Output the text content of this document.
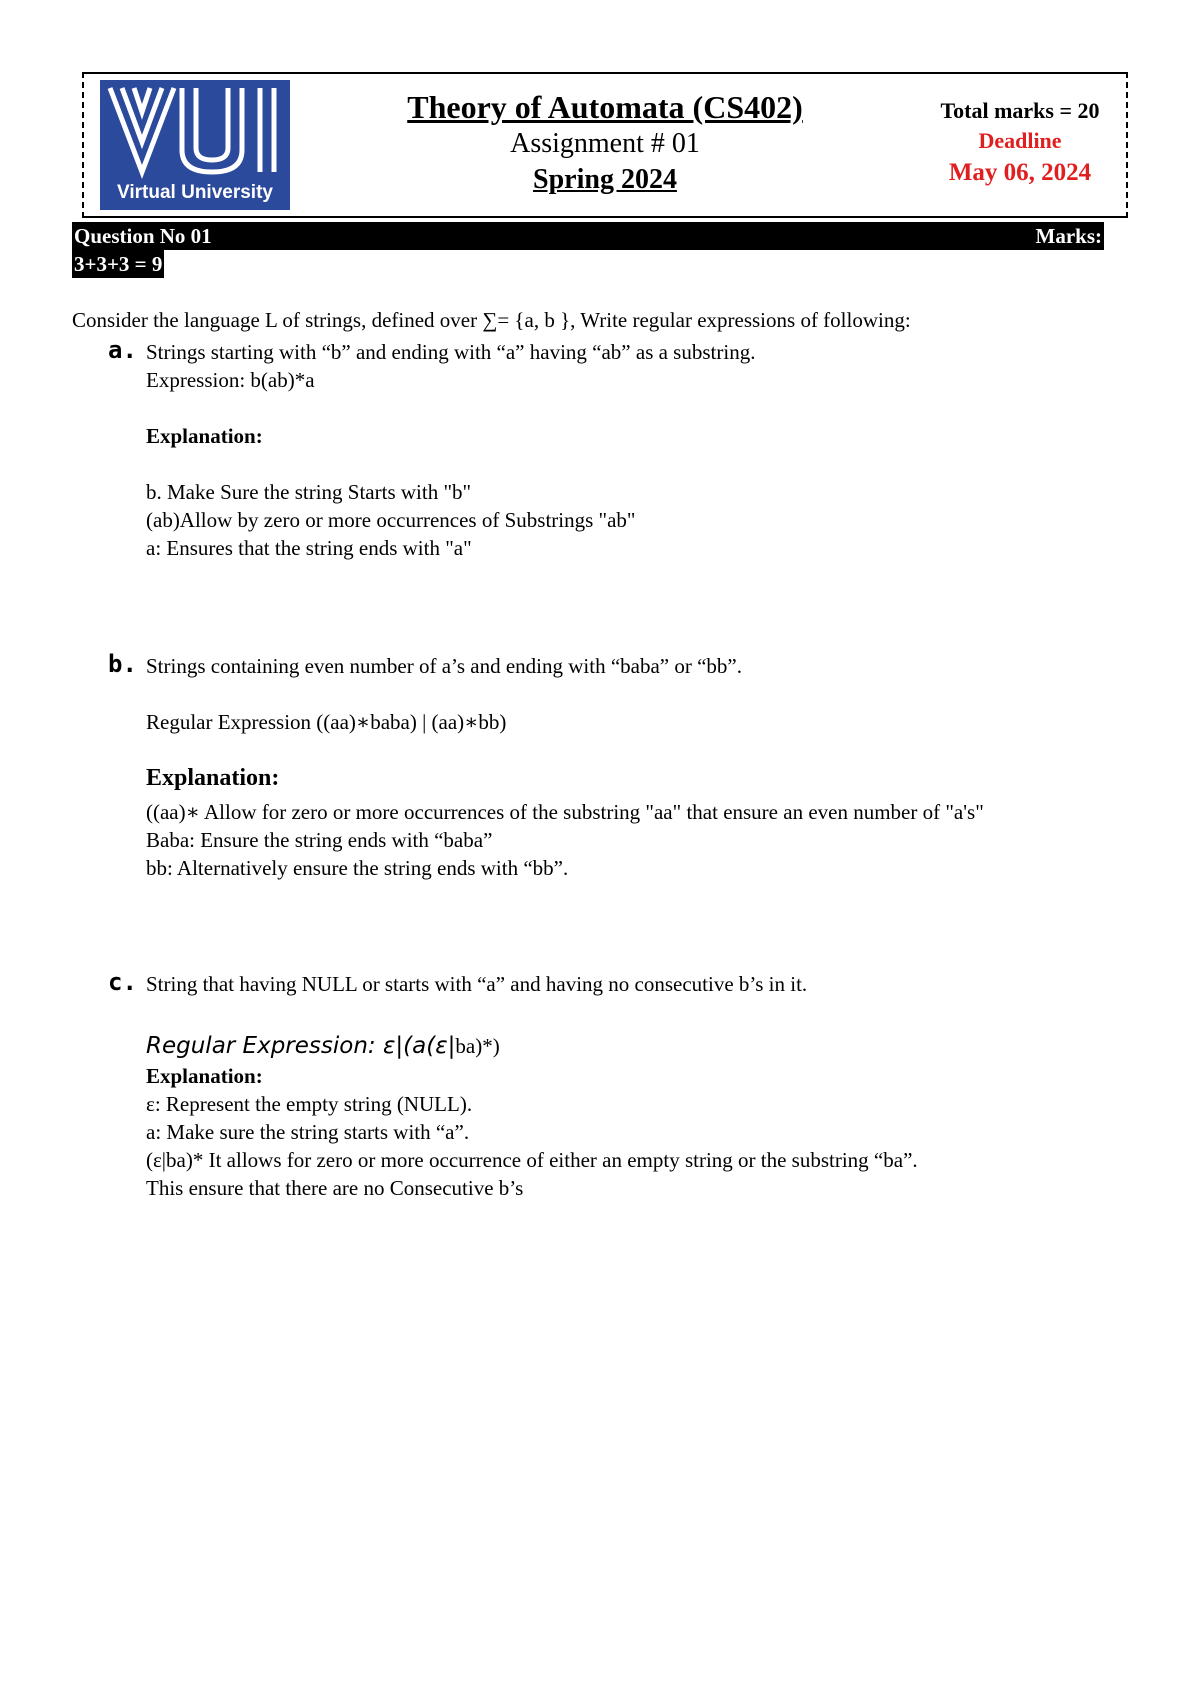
Virtual University
Theory of Automata (CS402)
Assignment # 01
Spring 2024
Total marks = 20
Deadline
May 06, 2024
Question No 01	Marks:
3+3+3 = 9
Consider the language L of strings, defined over ∑= {a, b }, Write regular expressions of following:
a. Strings starting with “b” and ending with “a” having “ab” as a substring.
Expression: b(ab)*a
Explanation:
b. Make Sure the string Starts with "b"
(ab)Allow by zero or more occurrences of Substrings "ab"
a: Ensures that the string ends with "a"
b. Strings containing even number of a’s and ending with “baba” or “bb”.
Regular Expression ((aa)∗baba) | (aa)∗bb)
Explanation:
((aa)∗ Allow for zero or more occurrences of the substring "aa" that ensure an even number of "a's"
Baba: Ensure the string ends with “baba”
bb: Alternatively ensure the string ends with “bb”.
c. String that having NULL or starts with “a” and having no consecutive b’s in it.
Regular Expression: ε|(a(ε|ba)*)
Explanation:
ε: Represent the empty string (NULL).
a: Make sure the string starts with “a”.
(ε|ba)* It allows for zero or more occurrence of either an empty string or the substring “ba”.
This ensure that there are no Consecutive b’s
